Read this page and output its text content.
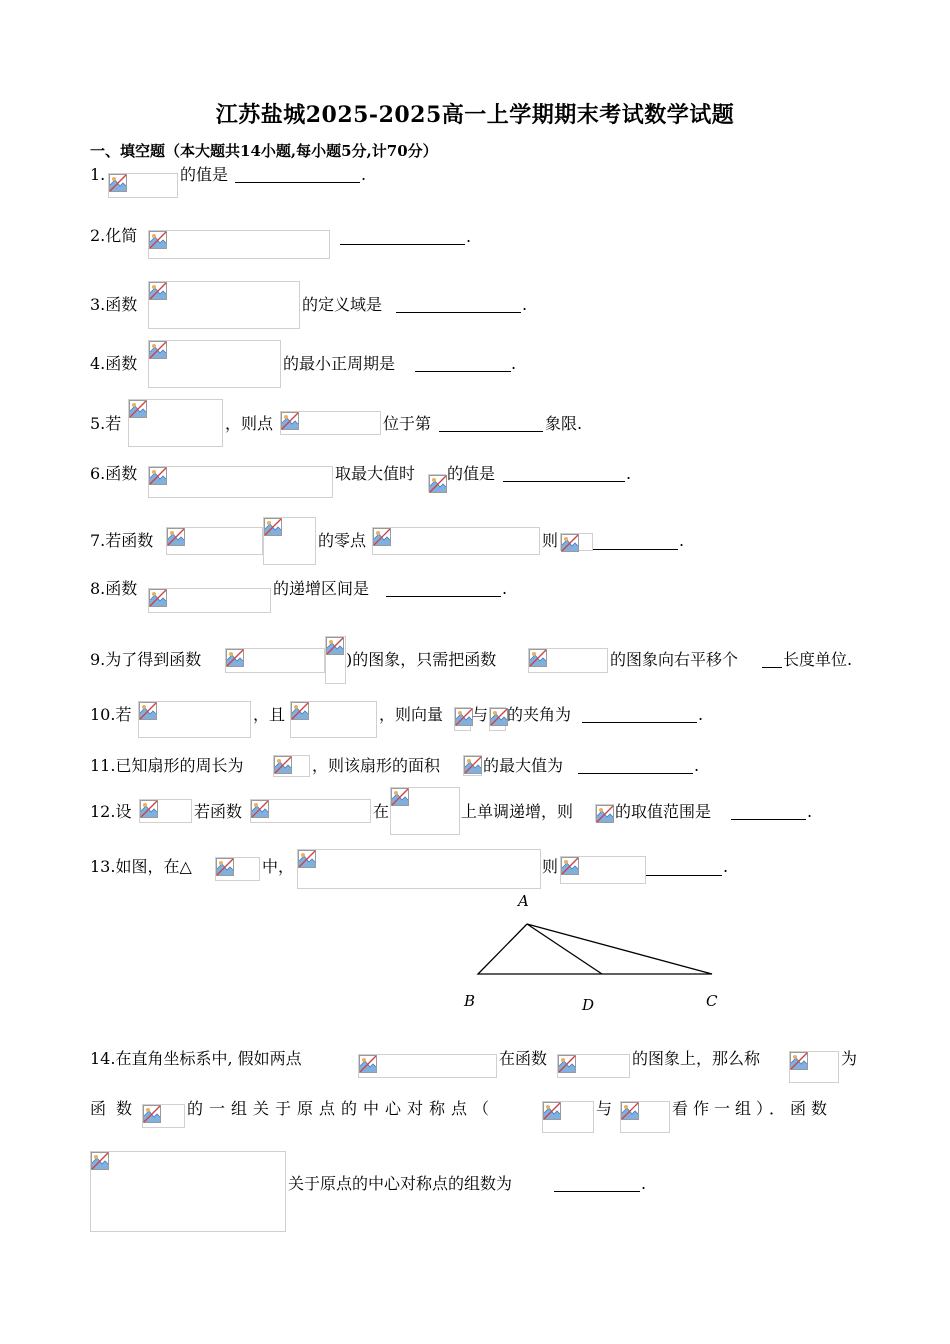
江苏盐城2025-2025高一上学期期末考试数学试题
一、填空题（本大题共14小题,每小题5分,计70分）
1.	的值是	.
2.化简	.
3.函数	的定义域是	.
4.函数	的最小正周期是	.
5.若	，则点	位于第	象限.
6.函数	取最大值时 的值是	.
7.若函数	的零点	则	.
8.函数	的递增区间是	.
9.为了得到函数	)的图象，只需把函数	的图象向右平移个	长度单位.
10.若	，且	，则向量 与 的夹角为	.
11.已知扇形的周长为	，则该扇形的面积	的最大值为	.
12.设	若函数	在	上单调递增，则	的取值范围是	.
13.如图，在△	中，	则	.
A
B	D	C
14.在直角坐标系中, 假如两点	在函数	的图象上，那么称	为
函数	的一组关于原点的中心对称点（	与	看作一组）．函数
关于原点的中心对称点的组数为	.
